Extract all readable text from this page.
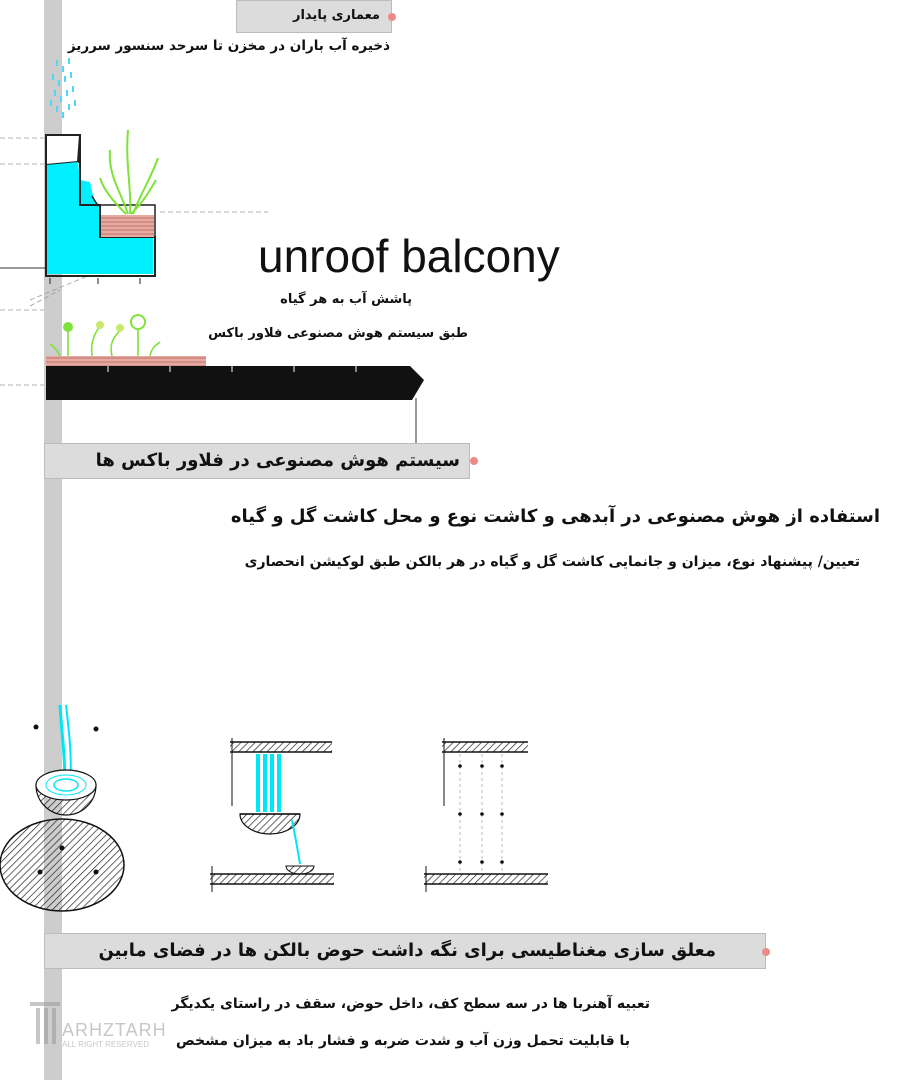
معماری پایدار
ذخیره آب باران در مخزن تا سرحد سنسور سرریز
unroof balcony
پاشش آب به هر گیاه
طبق سیستم هوش مصنوعی فلاور باکس
سیستم هوش مصنوعی در فلاور باکس ها
استفاده از هوش مصنوعی در آبدهی و کاشت نوع و محل کاشت گل و گیاه
تعیین/ پیشنهاد نوع، میزان و جانمایی کاشت گل و گیاه در هر بالکن طبق لوکیشن انحصاری
معلق سازی مغناطیسی برای نگه داشت حوض بالکن ها در فضای مابین
تعبیه آهنربا ها در سه سطح کف، داخل حوض، سقف در راستای یکدیگر
با قابلیت تحمل وزن آب و شدت ضربه و فشار باد به میزان مشخص
ARHZTARH
ALL RIGHT RESERVED
